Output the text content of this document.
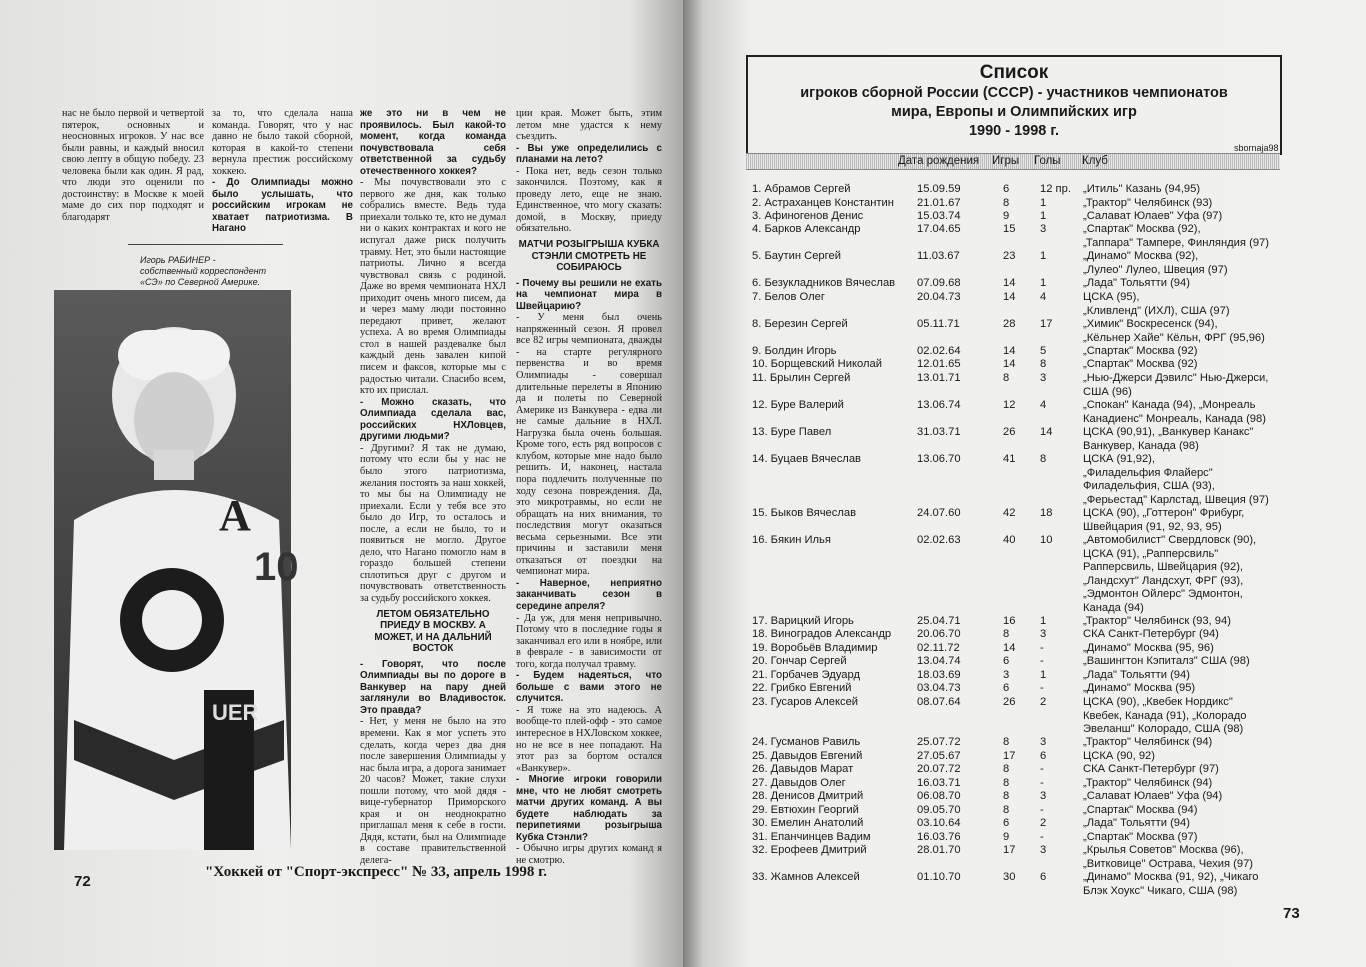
нас не было первой и четвертой пятерок, основных и неосновных игроков. У нас все были равны, и каждый вносил свою лепту в общую победу. 23 человека были как один. Я рад, что люди это оценили по достоинству: в Москве к моей маме до сих пор подходят и благодарят

за то, что сделала наша команда. Говорят, что у нас давно не было такой сборной, которая в какой-то степени вернула престиж российскому хоккею.

- До Олимпиады можно было услышать, что российским игрокам не хватает патриотизма. В Нагано

же это ни в чем не проявилось. Был какой-то момент, когда команда почувствовала себя ответственной за судьбу отечественного хоккея?

- Мы почувствовали это с первого же дня, как только собрались вместе. Ведь туда приехали только те, кто не думал ни о каких контрактах и кого не испугал даже риск получить травму. Нет, это были настоящие патриоты. Лично я всегда чувствовал связь с родиной. Даже во время чемпионата НХЛ приходит очень много писем, да и через маму люди постоянно передают привет, желают успеха. А во время Олимпиады стол в нашей раздевалке был каждый день завален кипой писем и факсов, которые мы с радостью читали. Спасибо всем, кто их прислал.

- Можно сказать, что Олимпиада сделала вас, российских НХЛовцев, другими людьми?

- Другими? Я так не думаю, потому что если бы у нас не было этого патриотизма, желания постоять за наш хоккей, то мы бы на Олимпиаду не приехали. Если у тебя все это было до Игр, то осталось и после, а если не было, то и появиться не могло. Другое дело, что Нагано помогло нам в гораздо большей степени сплотиться друг с другом и почувствовать ответственность за судьбу российского хоккея.

ЛЕТОМ ОБЯЗАТЕЛЬНО ПРИЕДУ В МОСКВУ. А МОЖЕТ, И НА ДАЛЬНИЙ ВОСТОК

- Говорят, что после Олимпиады вы по дороге в Ванкувер на пару дней заглянули во Владивосток. Это правда?

- Нет, у меня не было на это времени. Как я мог успеть это сделать, когда через два дня после завершения Олимпиады у нас была игра, а дорога занимает 20 часов? Может, такие слухи пошли потому, что мой дядя - вице-губернатор Приморского края и он неоднократно приглашал меня к себе в гости. Дядя, кстати, был на Олимпиаде в составе правительственной делега-

ции края. Может быть, этим летом мне удастся к нему съездить.

- Вы уже определились с планами на лето?

- Пока нет, ведь сезон только закончился. Поэтому, как я проведу лето, еще не знаю. Единственное, что могу сказать: домой, в Москву, приеду обязательно.

МАТЧИ РОЗЫГРЫША КУБКА СТЭНЛИ СМОТРЕТЬ НЕ СОБИРАЮСЬ

- Почему вы решили не ехать на чемпионат мира в Швейцарию?

- У меня был очень напряженный сезон. Я провел все 82 игры чемпионата, дважды - на старте регулярного первенства и во время Олимпиады - совершал длительные перелеты в Японию да и полеты по Северной Америке из Ванкувера - едва ли не самые дальние в НХЛ. Нагрузка была очень большая. Кроме того, есть ряд вопросов с клубом, которые мне надо было решить. И, наконец, настала пора подлечить полученные по ходу сезона повреждения. Да, это микротравмы, но если не обращать на них внимания, то последствия могут оказаться весьма серьезными. Все эти причины и заставили меня отказаться от поездки на чемпионат мира.

- Наверное, неприятно заканчивать сезон в середине апреля?

- Да уж, для меня непривычно. Потому что в последние годы я заканчивал его или в ноябре, или в феврале - в зависимости от того, когда получал травму.

- Будем надеяться, что больше с вами этого не случится.

- Я тоже на это надеюсь. А вообще-то плей-офф - это самое интересное в НХЛовском хоккее, но не все в нее попадают. На этот раз за бортом остался «Ванкувер».

- Многие игроки говорили мне, что не любят смотреть матчи других команд. А вы будете наблюдать за перипетиями розыгрыша Кубка Стэнли?

- Обычно игры других команд я не смотрю.

Игорь РАБИНЕР - собственный корреспондент «СЭ» по Северной Америке.
A
10
UER
72
"Хоккей от "Спорт-экспресс" № 33, апрель 1998 г.
Список
игроков сборной России (СССР) - участников чемпионатов
мира, Европы и Олимпийских игр
1990 - 1998 г.
sbornaja98
Дата рождения Игры Голы Клуб
1. Абрамов Сергей	15.09.59	6	12 пр. „Итиль" Казань (94,95)
2. Астраханцев Константин 21.01.67	8	1	„Трактор" Челябинск (93)
3. Афиногенов Денис	15.03.74	9	1	„Салават Юлаев" Уфа (97)
4. Барков Александр	17.04.65	15 3	„Спартак" Москва (92),
„Таппара" Тампере, Финляндия (97)
5. Баутин Сергей	11.03.67	23 1	„Динамо" Москва (92),
„Лулео" Лулео, Швеция (97)
6. Безукладников Вячеслав 07.09.68	14 1	„Лада" Тольятти (94)
7. Белов Олег	20.04.73	14 4	ЦСКА (95),
„Кливленд" (ИХЛ), США (97)
8. Березин Сергей	05.11.71	28 17	„Химик" Воскресенск (94),
„Кёльнер Хайе" Кёльн, ФРГ (95,96)
9. Болдин Игорь	02.02.64	14 5	„Спартак" Москва (92)
10. Борщевский Николай	12.01.65	14 8	„Спартак" Москва (92)
11. Брылин Сергей	13.01.71	8	3	„Нью-Джерси Дэвилс" Нью-Джерси,
США (96)
12. Буре Валерий	13.06.74	12 4	„Спокан" Канада (94), „Монреаль
Канадиенс" Монреаль, Канада (98)
13. Буре Павел	31.03.71	26 14	ЦСКА (90,91), „Ванкувер Канакс"
Ванкувер, Канада (98)
14. Буцаев Вячеслав	13.06.70	41 8	ЦСКА (91,92),
„Филадельфия Флайерс"
Филадельфия, США (93),
„Ферьестад" Карлстад, Швеция (97)
15. Быков Вячеслав	24.07.60	42 18	ЦСКА (90), „Готтерон" Фрибург,
Швейцария (91, 92, 93, 95)
16. Бякин Илья	02.02.63	40 10	„Автомобилист" Свердловск (90),
ЦСКА (91), „Рапперсвиль"
Рапперсвиль, Швейцария (92),
„Ландсхут" Ландсхут, ФРГ (93),
„Эдмонтон Ойлерс" Эдмонтон,
Канада (94)
17. Варицкий Игорь	25.04.71	16 1	„Трактор" Челябинск (93, 94)
18. Виноградов Александр 20.06.70	8	3	СКА Санкт-Петербург (94)
19. Воробьёв Владимир	02.11.72	14 -	„Динамо" Москва (95, 96)
20. Гончар Сергей	13.04.74	6	-	„Вашингтон Кэпиталз" США (98)
21. Горбачев Эдуард	18.03.69	3	1	„Лада" Тольятти (94)
22. Грибко Евгений	03.04.73	6	-	„Динамо" Москва (95)
23. Гусаров Алексей	08.07.64	26 2	ЦСКА (90), „Квебек Нордикс"
Квебек, Канада (91), „Колорадо
Эвеланш" Колорадо, США (98)
24. Гусманов Равиль	25.07.72	8	3	„Трактор" Челябинск (94)
25. Давыдов Евгений	27.05.67	17 6	ЦСКА (90, 92)
26. Давыдов Марат	20.07.72	8	-	СКА Санкт-Петербург (97)
27. Давыдов Олег	16.03.71	8	-	„Трактор" Челябинск (94)
28. Денисов Дмитрий	06.08.70	8	3	„Салават Юлаев" Уфа (94)
29. Евтюхин Георгий	09.05.70	8	-	„Спартак" Москва (94)
30. Емелин Анатолий	03.10.64	6	2	„Лада" Тольятти (94)
31. Епанчинцев Вадим	16.03.76	9	-	„Спартак" Москва (97)
32. Ерофеев Дмитрий	28.01.70	17 3	„Крылья Советов" Москва (96),
„Витковице" Острава, Чехия (97)
33. Жамнов Алексей	01.10.70	30 6	„Динамо" Москва (91, 92), „Чикаго
Блэк Хоукс" Чикаго, США (98)
73
